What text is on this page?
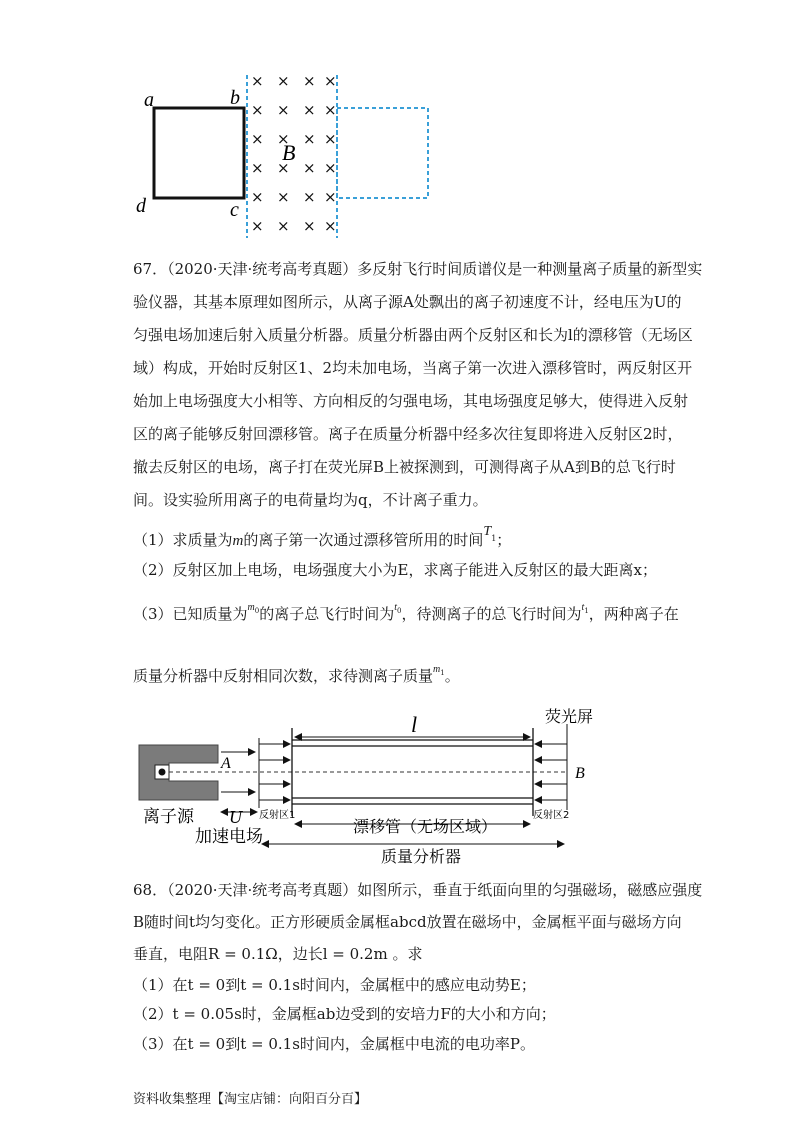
× × × ×
× × × ×
× × × ×
× × × ×
× × × ×
× × × ×
a	b
c
d
B
67．（2020·天津·统考高考真题）多反射飞行时间质谱仪是一种测量离子质量的新型实
验仪器，其基本原理如图所示，从离子源A处飘出的离子初速度不计，经电压为U的
匀强电场加速后射入质量分析器。质量分析器由两个反射区和长为l的漂移管（无场区
域）构成，开始时反射区1、2均未加电场，当离子第一次进入漂移管时，两反射区开
始加上电场强度大小相等、方向相反的匀强电场，其电场强度足够大，使得进入反射
区的离子能够反射回漂移管。离子在质量分析器中经多次往复即将进入反射区2时，
撤去反射区的电场，离子打在荧光屏B上被探测到，可测得离子从A到B的总飞行时
间。设实验所用离子的电荷量均为q，不计离子重力。
（1）求质量为m的离子第一次通过漂移管所用的时间$T^1$；
（2）反射区加上电场，电场强度大小为E，求离子能进入反射区的最大距离x；
（3）已知质量为$^{m0}$的离子总飞行时间为$^{t0}$，待测离子的总飞行时间为$^{t1}$，两种离子在
质量分析器中反射相同次数，求待测离子质量$^{m1}$。
l	荧光屏
A
B
离子源 U
加速电场
反射区1
漂移管（无场区域）
反射区2
质量分析器
68．（2020·天津·统考高考真题）如图所示，垂直于纸面向里的匀强磁场，磁感应强度
B随时间t均匀变化。正方形硬质金属框abcd放置在磁场中，金属框平面与磁场方向
垂直，电阻R = 0.1Ω，边长l = 0.2m 。求
（1）在t = 0到t = 0.1s时间内，金属框中的感应电动势E；
（2）t = 0.05s时，金属框ab边受到的安培力F的大小和方向；
（3）在t = 0到t = 0.1s时间内，金属框中电流的电功率P。
资料收集整理【淘宝店铺：向阳百分百】
